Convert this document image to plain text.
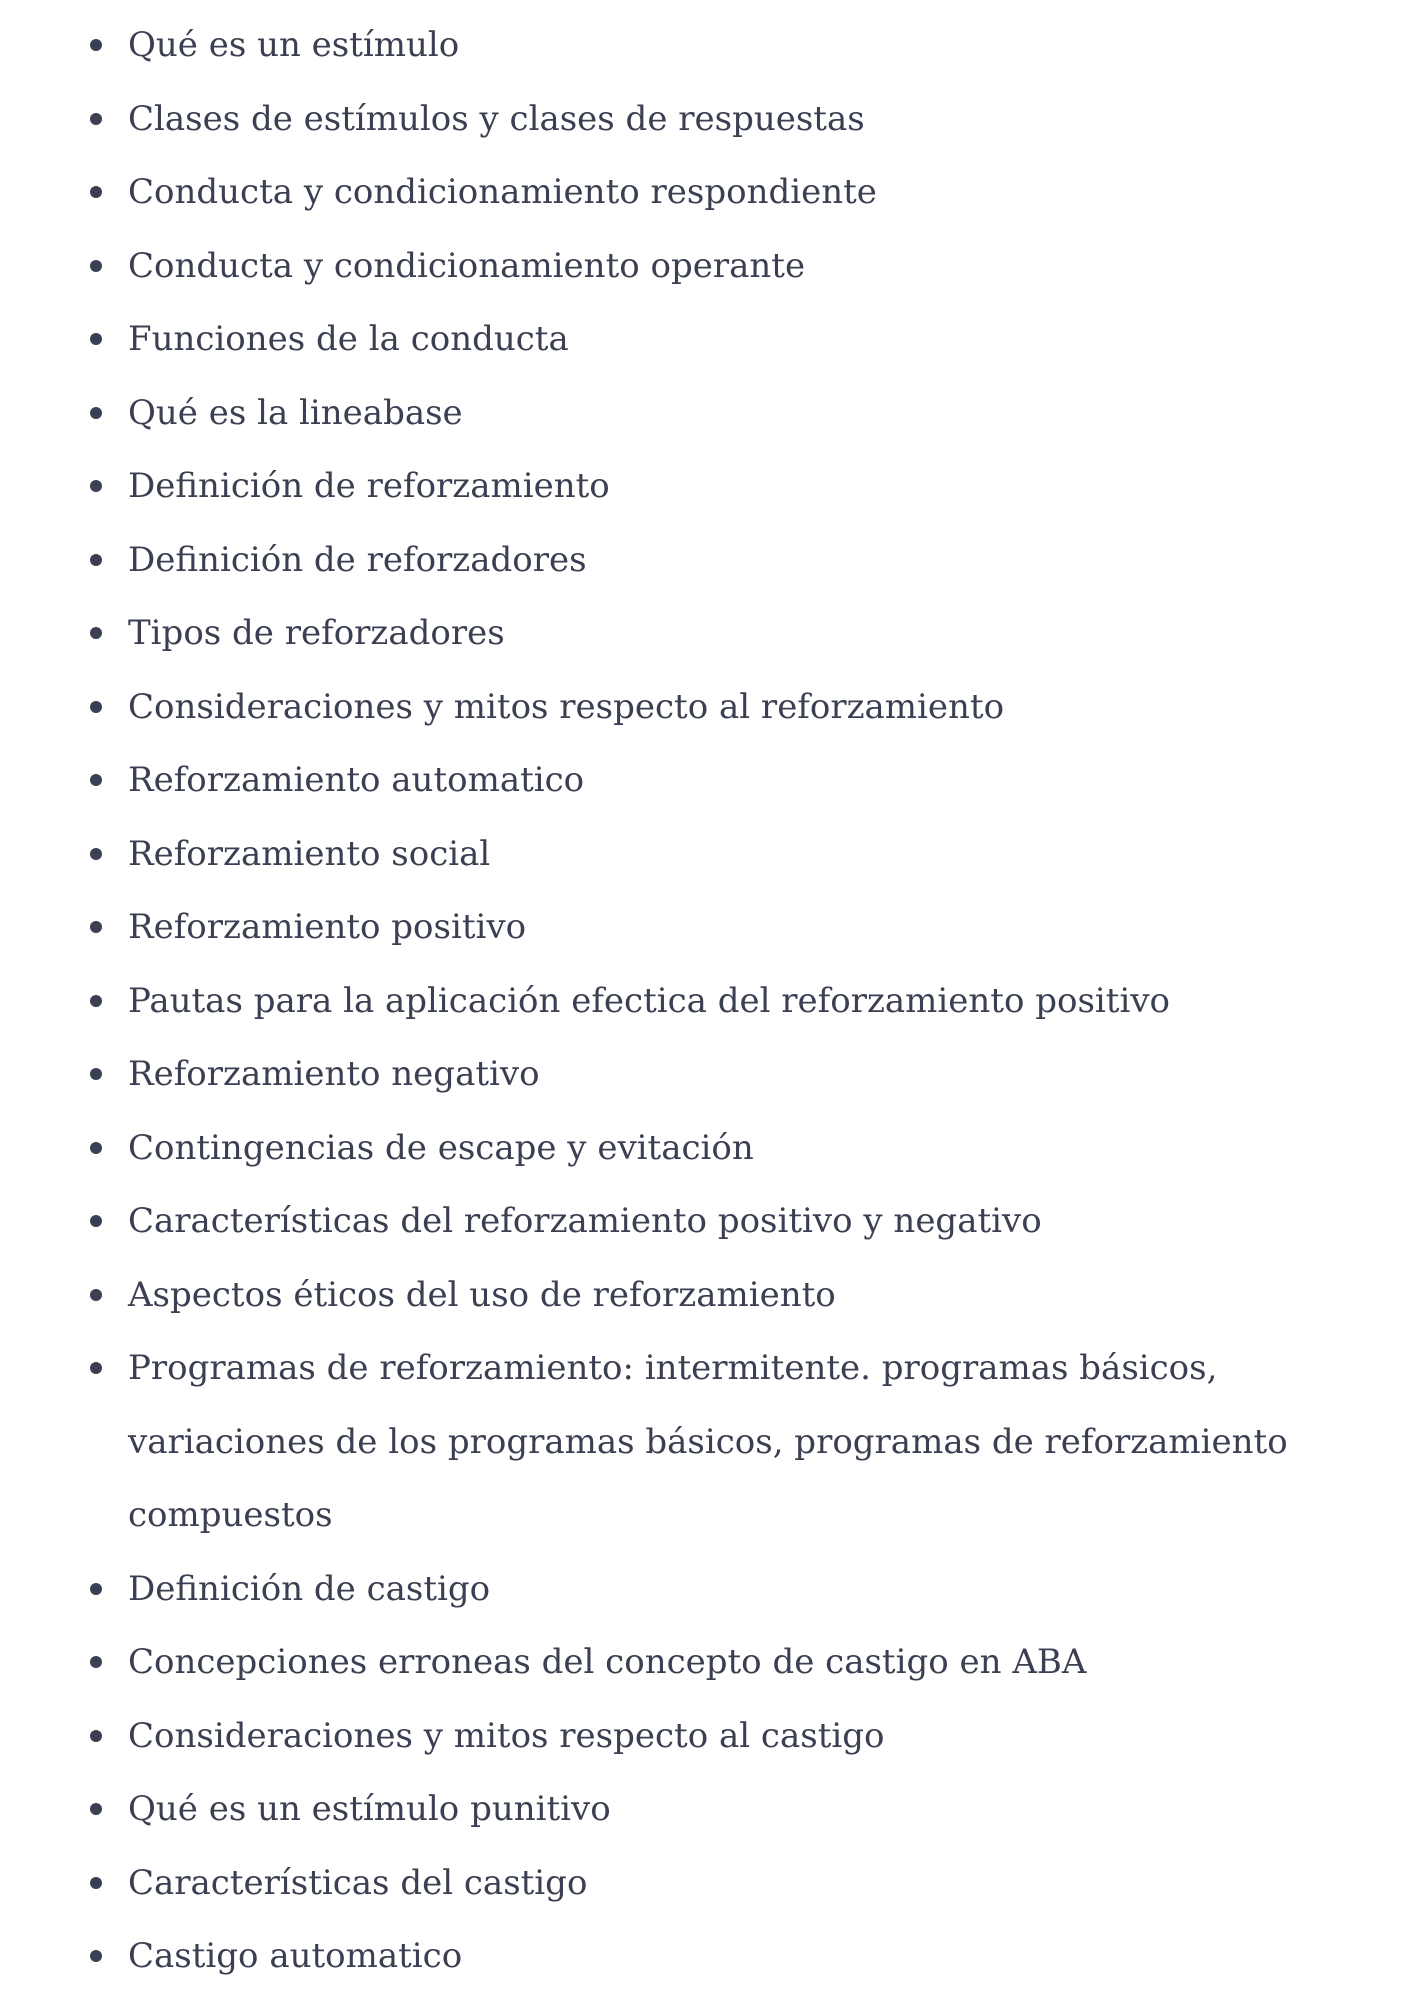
Qué es un estímulo
Clases de estímulos y clases de respuestas
Conducta y condicionamiento respondiente
Conducta y condicionamiento operante
Funciones de la conducta
Qué es la lineabase
Definición de reforzamiento
Definición de reforzadores
Tipos de reforzadores
Consideraciones y mitos respecto al reforzamiento
Reforzamiento automatico
Reforzamiento social
Reforzamiento positivo
Pautas para la aplicación efectica del reforzamiento positivo
Reforzamiento negativo
Contingencias de escape y evitación
Características del reforzamiento positivo y negativo
Aspectos éticos del uso de reforzamiento
Programas de reforzamiento: intermitente. programas básicos, variaciones de los programas básicos, programas de reforzamiento compuestos
Definición de castigo
Concepciones erroneas del concepto de castigo en ABA
Consideraciones y mitos respecto al castigo
Qué es un estímulo punitivo
Características del castigo
Castigo automatico
